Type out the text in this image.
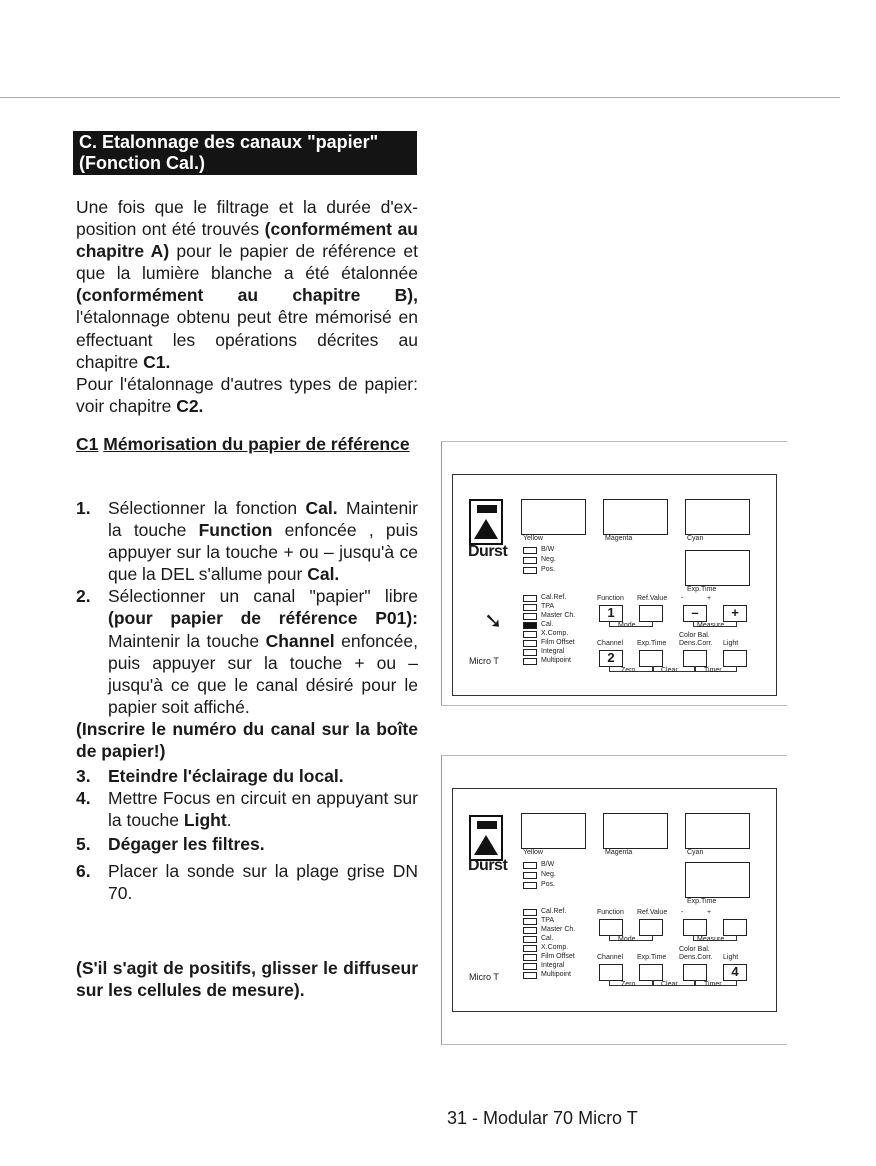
C. Etalonnage des canaux "papier"
(Fonction Cal.)

Une fois que le filtrage et la durée d'ex-position ont été trouvés (conformément au chapitre A) pour le papier de référence et que la lumière blanche a été étalonnée (conformément au chapitre B), l'étalonnage obtenu peut être mémorisé en effectuant les opérations décrites au chapitre C1.

Pour l'étalonnage d'autres types de papier: voir chapitre C2.

C1 Mémorisation du papier de référence
1. Sélectionner la fonction Cal. Maintenir la touche Function enfoncée , puis appuyer sur la touche + ou – jusqu'à ce que la DEL s'allume pour Cal.
2. Sélectionner un canal "papier" libre (pour papier de référence P01): Maintenir la touche Channel enfoncée, puis appuyer sur la touche + ou – jusqu'à ce que le canal désiré pour le papier soit affiché.
(Inscrire le numéro du canal sur la boîte de papier!)
3. Eteindre l'éclairage du local.
4. Mettre Focus en circuit en appuyant sur la touche Light.
5. Dégager les filtres.
6. Placer la sonde sur la plage grise DN 70.
(S'il s'agit de positifs, glisser le diffuseur sur les cellules de mesure).
31 - Modular 70 Micro T
Durst
Micro T
Yellow	Magenta	Cyan
Exp.Time
B/W
Neg.
Pos.
Cal.Ref.
TPA
Master Ch.
Cal.
X.Comp.
Film Offset
Integral
Multipoint
➘
Function Ref.Value -	+
1	–	+
Mode	Measure
Color Bal.
Channel Exp.Time Dens.Corr. Light
2
Zero	Clear	Timer
Durst
Micro T
Yellow	Magenta	Cyan
Exp.Time
B/W
Neg.
Pos.
Cal.Ref.
TPA
Master Ch.
Cal.
X.Comp.
Film Offset
Integral
Multipoint
Function Ref.Value -	+
Mode	Measure
Color Bal.
Channel Exp.Time Dens.Corr. Light
4
Zero	Clear	Timer
